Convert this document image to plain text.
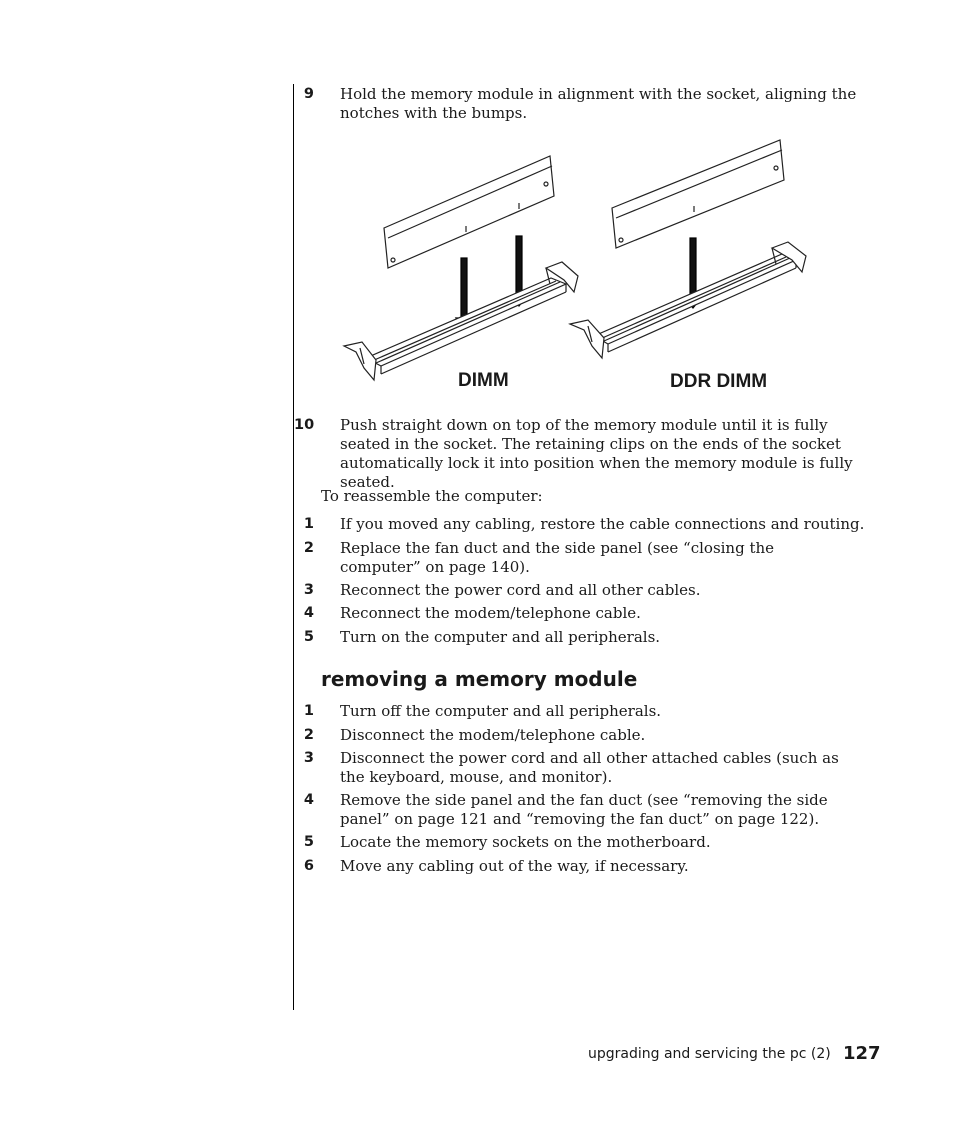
9 Hold the memory module in alignment with the socket, aligning the notches with the bumps.
DIMM	DDR DIMM
10 Push straight down on top of the memory module until it is fully seated in the socket. The retaining clips on the ends of the socket automatically lock it into position when the memory module is fully seated.
To reassemble the computer:
1 If you moved any cabling, restore the cable connections and routing.
2 Replace the fan duct and the side panel (see “closing the computer” on page 140).
3 Reconnect the power cord and all other cables.
4 Reconnect the modem/telephone cable.
5 Turn on the computer and all peripherals.
removing a memory module
1 Turn off the computer and all peripherals.
2 Disconnect the modem/telephone cable.
3 Disconnect the power cord and all other attached cables (such as the keyboard, mouse, and monitor).
4 Remove the side panel and the fan duct (see “removing the side panel” on page 121 and “removing the fan duct” on page 122).
5 Locate the memory sockets on the motherboard.
6 Move any cabling out of the way, if necessary.
upgrading and servicing the pc (2) 127
